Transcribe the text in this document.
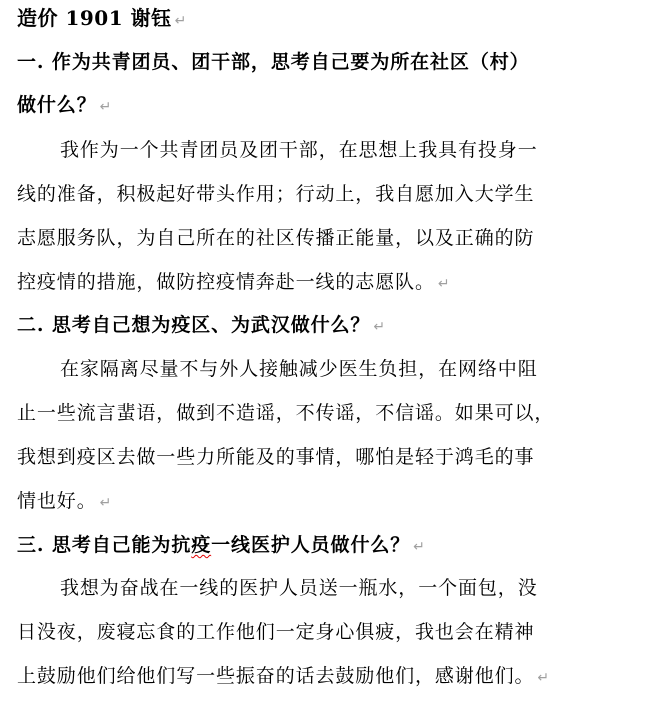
造价 1901 谢钰 ↵
一. 作为共青团员、团干部，思考自己要为所在社区（村）
做什么？ ↵
我作为一个共青团员及团干部，在思想上我具有投身一
线的准备，积极起好带头作用；行动上，我自愿加入大学生
志愿服务队，为自己所在的社区传播正能量，以及正确的防
控疫情的措施，做防控疫情奔赴一线的志愿队。 ↵
二. 思考自己想为疫区、为武汉做什么？ ↵
在家隔离尽量不与外人接触减少医生负担，在网络中阻
止一些流言蜚语，做到不造谣，不传谣，不信谣。如果可以，
我想到疫区去做一些力所能及的事情，哪怕是轻于鸿毛的事
情也好。 ↵
三. 思考自己能为抗疫一线医护人员做什么？ ↵
我想为奋战在一线的医护人员送一瓶水，一个面包，没
日没夜，废寝忘食的工作他们一定身心俱疲，我也会在精神
上鼓励他们给他们写一些振奋的话去鼓励他们，感谢他们。 ↵
